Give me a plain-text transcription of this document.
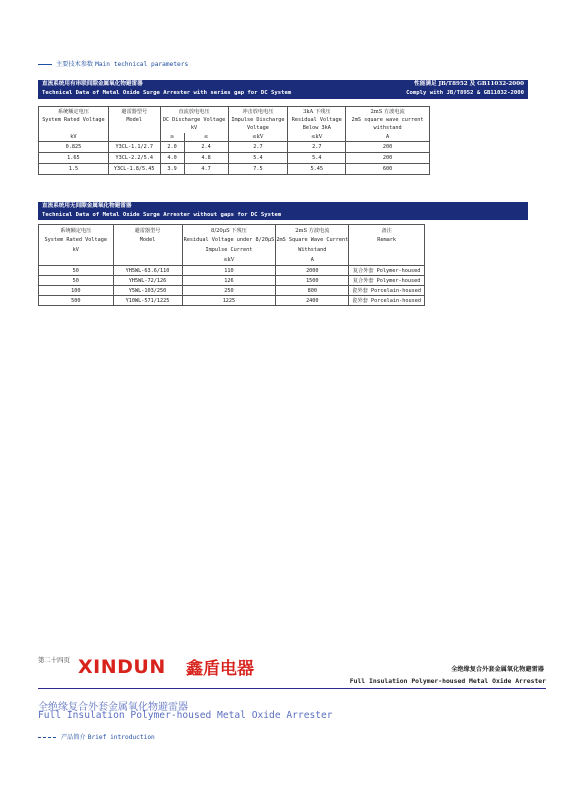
主要技术参数 Main technical parameters
直流系统用有串联间隙金属氧化物避雷器	性能满足 JB/T8952 及 GB11032-2000
Technical Data of Metal Oxide Surge Arrester with series gap for DC System	Comply with JB/T8952 & GB11032-2000
系统额定电压	避雷器型号	直流放电电压		冲击放电电压	3kA 下残压	2mS 方波电流
System Rated Voltage	Model	DC Discharge Voltage		Impulse Discharge	Residual Voltage	2mS square wave current
		kV		Voltage	Below 3kA	withstand
kV		≥	≤	≤kV	≤kV	A
0.825	Y3CL-1.1/2.7	2.0	2.4	2.7	2.7	200
1.65	Y3CL-2.2/5.4	4.0	4.8	5.4	5.4	200
1.5	Y3CL-1.8/5.45	3.9	4.7	7.5	5.45	600
直流系统用无间隙金属氧化物避雷器
Technical Data of Metal Oxide Surge Arrester without gaps for DC System
系统额定电压	避雷器型号	8/20μS 下残压	2mS 方波电流	备注
System Rated Voltage	Model	Residual Voltage under 8/20μS	2mS Square Wave Current	Remark
kV		Impulse Current	Withstand	
		≤kV	A	
50	YH5WL-63.6/110	110	2000	复合外套 Polymer-housed
50	YH5WL-72/126	126	1500	复合外套 Polymer-housed
100	Y5WL-103/250	250	800	瓷外套 Porcelain-housed
500	Y10WL-571/1225	1225	2400	瓷外套 Porcelain-housed
第二十四页 XINDUN 鑫盾电器	全绝缘复合外套金属氧化物避雷器
Full Insulation Polymer-housed Metal Oxide Arrester
全绝缘复合外套金属氧化物避雷器
Full Insulation Polymer-housed Metal Oxide Arrester
产品简介 Brief introduction
